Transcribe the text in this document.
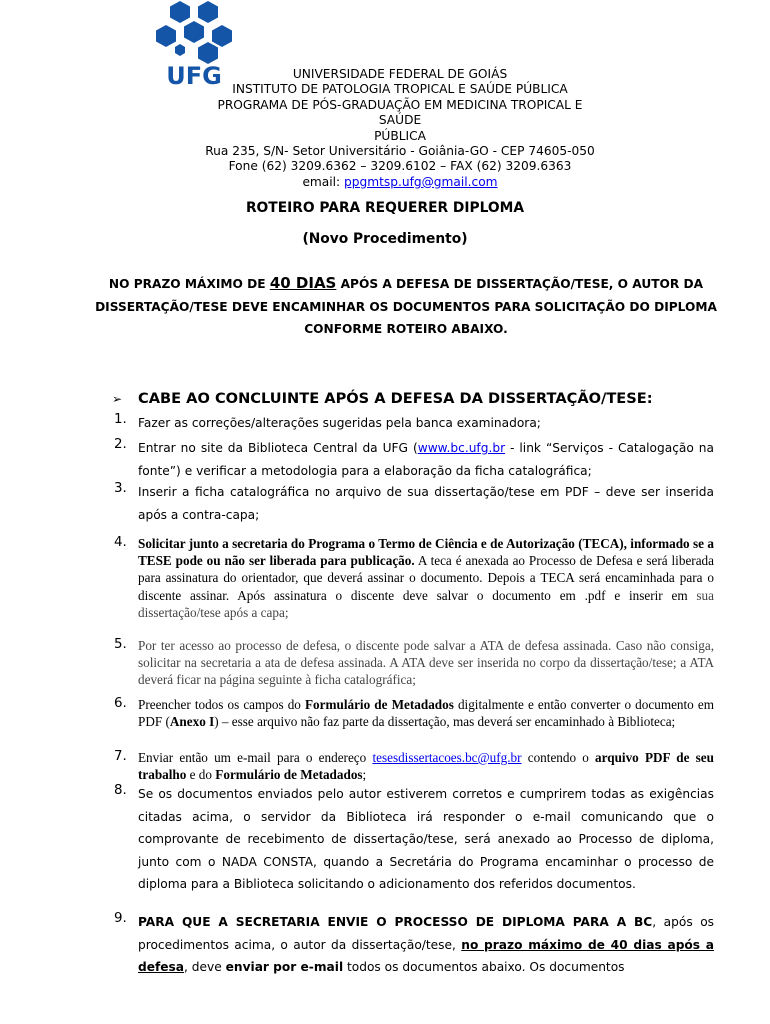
UFG	UNIVERSIDADE FEDERAL DE GOIÁS
INSTITUTO DE PATOLOGIA TROPICAL E SAÚDE PÚBLICA
PROGRAMA DE PÓS-GRADUAÇÃO EM MEDICINA TROPICAL E SAÚDE
PÚBLICA
Rua 235, S/N- Setor Universitário - Goiânia-GO - CEP 74605-050
Fone (62) 3209.6362 – 3209.6102 – FAX (62) 3209.6363
email: ppgmtsp.ufg@gmail.com
ROTEIRO PARA REQUERER DIPLOMA
(Novo Procedimento)
NO PRAZO MÁXIMO DE 40 DIAS APÓS A DEFESA DE DISSERTAÇÃO/TESE, O AUTOR DA DISSERTAÇÃO/TESE DEVE ENCAMINHAR OS DOCUMENTOS PARA SOLICITAÇÃO DO DIPLOMA CONFORME ROTEIRO ABAIXO.
➢ CABE AO CONCLUINTE APÓS A DEFESA DA DISSERTAÇÃO/TESE:
1. Fazer as correções/alterações sugeridas pela banca examinadora;
2. Entrar no site da Biblioteca Central da UFG (www.bc.ufg.br - link “Serviços - Catalogação na fonte”) e verificar a metodologia para a elaboração da ficha catalográfica;
3. Inserir a ficha catalográfica no arquivo de sua dissertação/tese em PDF – deve ser inserida após a contra-capa;
4. Solicitar junto a secretaria do Programa o Termo de Ciência e de Autorização (TECA), informado se a TESE pode ou não ser liberada para publicação. A teca é anexada ao Processo de Defesa e será liberada para assinatura do orientador, que deverá assinar o documento. Depois a TECA será encaminhada para o discente assinar. Após assinatura o discente deve salvar o documento em .pdf e inserir em sua dissertação/tese após a capa;
5. Por ter acesso ao processo de defesa, o discente pode salvar a ATA de defesa assinada. Caso não consiga, solicitar na secretaria a ata de defesa assinada. A ATA deve ser inserida no corpo da dissertação/tese; a ATA deverá ficar na página seguinte à ficha catalográfica;
6. Preencher todos os campos do Formulário de Metadados digitalmente e então converter o documento em PDF (Anexo I) – esse arquivo não faz parte da dissertação, mas deverá ser encaminhado à Biblioteca;
7. Enviar então um e-mail para o endereço tesesdissertacoes.bc@ufg.br contendo o arquivo PDF de seu trabalho e do Formulário de Metadados;
8. Se os documentos enviados pelo autor estiverem corretos e cumprirem todas as exigências citadas acima, o servidor da Biblioteca irá responder o e-mail comunicando que o comprovante de recebimento de dissertação/tese, será anexado ao Processo de diploma, junto com o NADA CONSTA, quando a Secretária do Programa encaminhar o processo de diploma para a Biblioteca solicitando o adicionamento dos referidos documentos.
9. PARA QUE A SECRETARIA ENVIE O PROCESSO DE DIPLOMA PARA A BC, após os procedimentos acima, o autor da dissertação/tese, no prazo máximo de 40 dias após a defesa, deve enviar por e-mail todos os documentos abaixo. Os documentos
